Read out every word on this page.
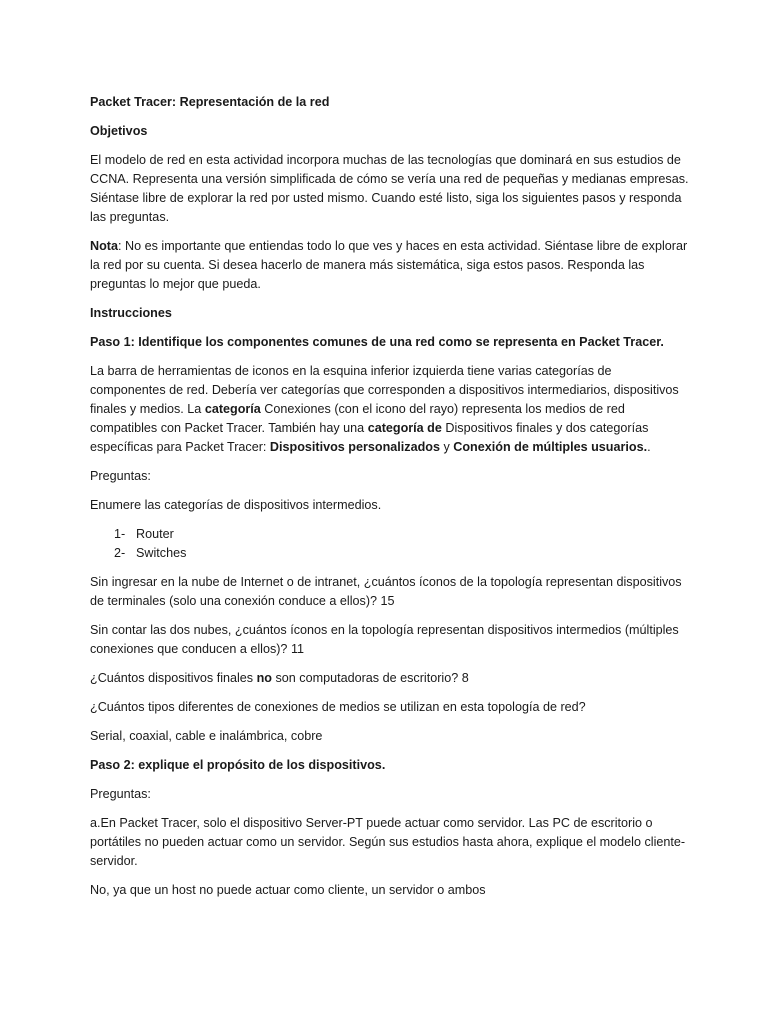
Packet Tracer: Representación de la red

Objetivos

El modelo de red en esta actividad incorpora muchas de las tecnologías que dominará en sus estudios de CCNA. Representa una versión simplificada de cómo se vería una red de pequeñas y medianas empresas. Siéntase libre de explorar la red por usted mismo. Cuando esté listo, siga los siguientes pasos y responda las preguntas.

Nota: No es importante que entiendas todo lo que ves y haces en esta actividad. Siéntase libre de explorar la red por su cuenta. Si desea hacerlo de manera más sistemática, siga estos pasos. Responda las preguntas lo mejor que pueda.

Instrucciones

Paso 1: Identifique los componentes comunes de una red como se representa en Packet Tracer.

La barra de herramientas de iconos en la esquina inferior izquierda tiene varias categorías de componentes de red. Debería ver categorías que corresponden a dispositivos intermediarios, dispositivos finales y medios. La categoría Conexiones (con el icono del rayo) representa los medios de red compatibles con Packet Tracer. También hay una categoría de Dispositivos finales y dos categorías específicas para Packet Tracer: Dispositivos personalizados y Conexión de múltiples usuarios..

Preguntas:

Enumere las categorías de dispositivos intermedios.

1- Router
2- Switches

Sin ingresar en la nube de Internet o de intranet, ¿cuántos íconos de la topología representan dispositivos de terminales (solo una conexión conduce a ellos)? 15

Sin contar las dos nubes, ¿cuántos íconos en la topología representan dispositivos intermedios (múltiples conexiones que conducen a ellos)? 11

¿Cuántos dispositivos finales no son computadoras de escritorio? 8

¿Cuántos tipos diferentes de conexiones de medios se utilizan en esta topología de red?

Serial, coaxial, cable e inalámbrica, cobre

Paso 2: explique el propósito de los dispositivos.

Preguntas:

a.En Packet Tracer, solo el dispositivo Server-PT puede actuar como servidor. Las PC de escritorio o portátiles no pueden actuar como un servidor. Según sus estudios hasta ahora, explique el modelo cliente-servidor.

No, ya que un host no puede actuar como cliente, un servidor o ambos
